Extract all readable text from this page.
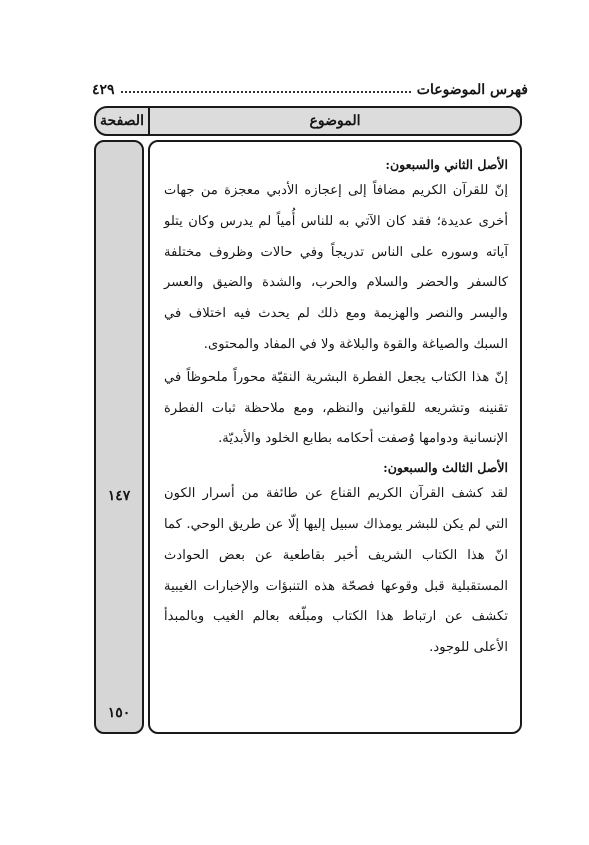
فهرس الموضوعات
٤٢٩
الصفحة	الموضوع
١٤٧
١٥٠
الأصل الثاني والسبعون:
إنّ للقرآن الكريم مضافاً إلى إعجازه الأدبي معجزة من جهات أخرى عديدة؛ فقد كان الآتي به للناس أُمياً لم يدرس وكان يتلو آياته وسوره على الناس تدريجاً وفي حالات وظروف مختلفة كالسفر والحضر والسلام والحرب، والشدة والضيق والعسر واليسر والنصر والهزيمة ومع ذلك لم يحدث فيه اختلاف في السبك والصياغة والقوة والبلاغة ولا في المفاد والمحتوى.
إنّ هذا الكتاب يجعل الفطرة البشرية النقيّة محوراً ملحوظاً في تقنينه وتشريعه للقوانين والنظم، ومع ملاحظة ثبات الفطرة الإنسانية ودوامها وُصفت أحكامه بطابع الخلود والأبديّة.
الأصل الثالث والسبعون:
لقد كشف القرآن الكريم القناع عن طائفة من أسرار الكون التي لم يكن للبشر يومذاك سبيل إليها إلّا عن طريق الوحي. كما انّ هذا الكتاب الشريف أخبر بقاطعية عن بعض الحوادث المستقبلية قبل وقوعها فصحّة هذه التنبؤات والإخبارات الغيبية تكشف عن ارتباط هذا الكتاب ومبلّغه بعالم الغيب وبالمبدأ الأعلى للوجود.
